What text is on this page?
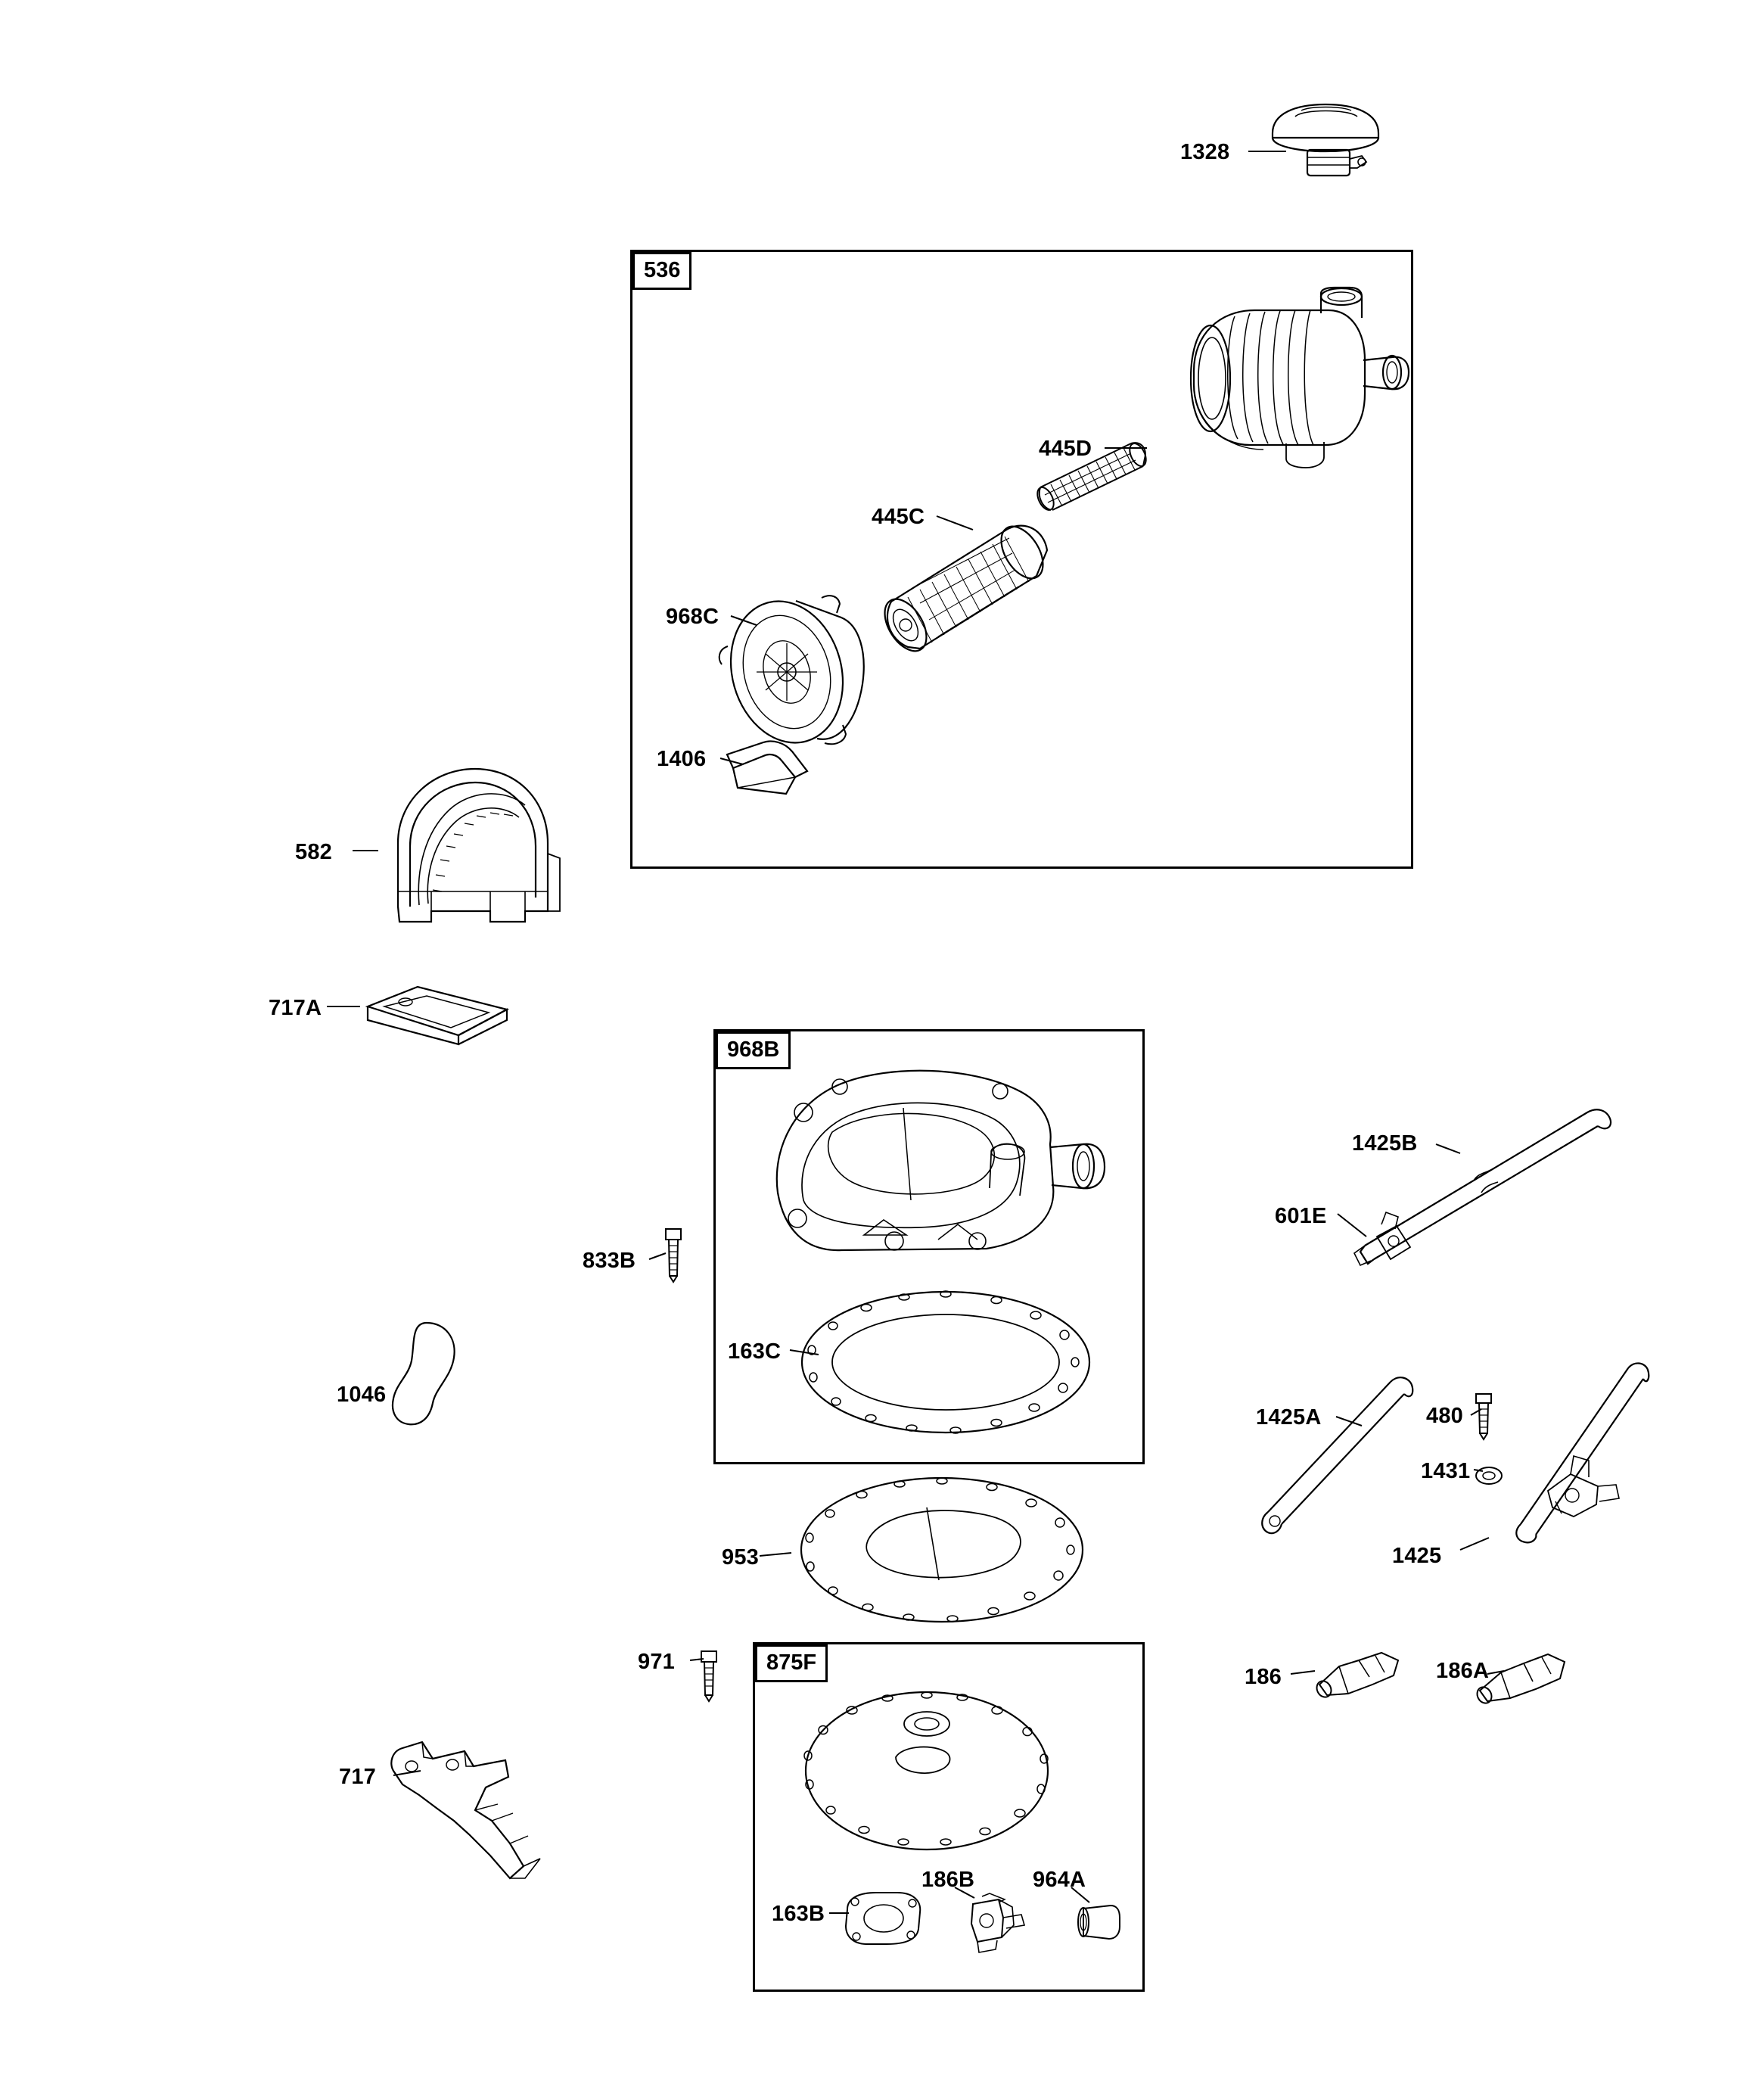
536
968B
875F
1328
445D
445C
968C
1406
582
717A
833B
163C
1046
953
971
717
186B	964A
163B
1425B
601E
1425A	480
1431
1425
186	186A
